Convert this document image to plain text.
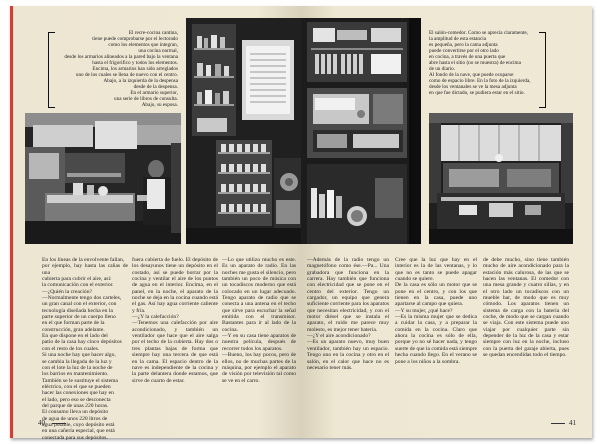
El recre-cocina cantina,
tiene puede comprobarse por el lectorado
como los elementos que integran,
una cocina normal,
desde los armarios alineados a la pared bajo la ventana
hasta el frigorifico y todos los elementos.
Encima, los armarios han sido arreglados
uno de los cuales se llena de nuevo con el centro.
Abajo, a la izquierda de la despensa
desde de la despensa.
En el armario superior,
una serie de libros de consulta.
Abajo, su esposa.

En los líneas de la envolvente fallan,
por ejemplo, hay hasta las cañas de una
cubierta para cubrir el aire, así:
la comunicación con el exterior.
—¿Quién la creación?
—Normalmente tengo dos carteles,
un gran canal con el exterior, con
tecnología diseñada hecha en la
parte superior de un cuerpo lleno
en el que forman parte de la
construcción, gran adelante.
En que dispone en el lado del
patio de la casa hay cinco depósitos
con el resto de los cuales.
Si una noche hay que hacer algo,
se cambia la llegada de la luz y
con el lote la luz de la noche de
los barrios en mantenimiento.
También se le sustituye el sistema
eléctrico, con el que se pueden
hacer las conexiones que hay en
el lado, pero eso se desconecta
del parque de unas 220 horas.
El consumo lleva un depósito
de agua de unos 220 litros de
agua potable, cuyo depósito está
en una cañería especial, que está
conectada para sus depósitos.

fuera cubierta de fuelo. El depósito de los desayunos tiene un depósito en el costado, así se puede borrar por la cocina y ventilar el aire de los puntos de agua en el interior. Encima, en el panel, en la noche, el aparato de la noche se deja en la cocina cuando está el gas. Así hay agua corriente caliente y fría.
—¿Y la calefacción?
—Tenemos una calefacción por aire acondicionado, y también un ventilador que hace que el aire salga por el techo de la cubierta. Hay dos o tres plantas bajas de forma que siempre hay una tercera de que está en la cama. El espacio dentro de la nave es independiente de la cocina y la parte delantera donde estamos, que sirve de cuarto de estar.

—Lo que utilizo mucho es este. Es un aparato de radio. En las noches me gusta el silencio, pero también un poco de música con un tocadiscos moderno que está colocado en un lugar adecuado. Tengo aparato de radio que se conecta a una antena en el techo que sirve para escuchar la señal emitida con el transmisor. Bastantes para ir al lado de la cocina.
—Y en su casa tiene aparatos de nuestra película, después de recorrer todos los aparatos.
—Bueno, los hay pocos, pero de ellos, no de muchas partes de la máquina, por ejemplo el aparato de visión por televisión tal como se ve en el carro.

40

El salón-comedor. Como se aprecia claramente,
la amplitud de esta estancia
es pequeña, pero la cama adjunta
puede convertirse por el otro lado
en cocina, a través de una puerta que
abre hasta el sitio (no se muestra) de encima
de un diario.
Al fondo de la nave, que puede ocuparse
como de espacio libre. En la foto de la izquierda,
desde los ventanales se ve la mesa adjunta
en que fue dictado, se pudiera estar en el sitio.

—Además de la radio tengo un magnetófono como ése.—Pa... Una grabadora que funciona en la carrera. Hay también que funciona con electricidad que se pone en el centro del exterior. Tengo un cargador, un equipo que genera suficiente corriente para los aparatos que necesitan electricidad, y con el motor diésel que se instala el aparato, el ruido me parece muy molesto, es mejor tener batería.
—¿Y el aire acondicionado?
—Es un aparato nuevo, muy buen ventilador, también hay un espacio. Tengo uno en la cocina y otro en el salón, en el calor que hace no es necesario tener más.

Cree que la luz que hay en el interior es la de las ventanas, y lo que no es tanto se puede apagar cuando se quiere.
De la casa es sólo un motor que se pone en el centro, y con los que tienen en la casa, puede uno apartarse al campo que quiera.
—Y su mujer, ¿qué hace?
—Es la misma mujer que se dedica a cuidar la casa, y a preparar la comida en la cocina. Claro que ahora la cocina es sólo de ella, porque yo no sé hacer nada, y tengo suerte de que la comida está siempre hecha cuando llego. En el verano se pone a los niños a la sombra.

de debe mucho, sino tiene también mucho de aire acondicionado para la estación más calurosa, de las que se hacen las ventanas. El comedor con una mesa grande y cuatro sillas, y en el otro lado un tocadiscos con un mueble bar, de modo que es muy cómodo. Los aparatos tienen un sistema de carga con la batería del coche, de modo que se cargan cuando se viaja. Con este sistema puede uno viajar por cualquier parte sin depender de la luz de la casa y estar siempre con luz en la noche, incluso con la puerta del garaje abierta, pues se quedan encendidas todo el tiempo.

41
